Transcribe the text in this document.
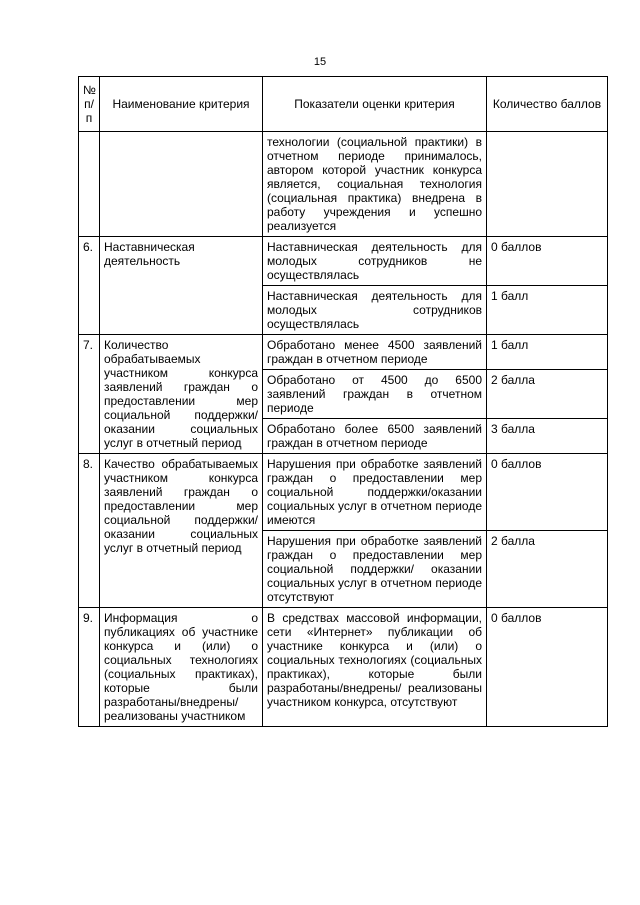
15
№ п/п	Наименование критерия	Показатели оценки критерия	Количество баллов
		технологии (социальной практики) в отчетном периоде принималось, автором которой участник конкурса является, социальная технология (социальная практика) внедрена в работу учреждения и успешно реализуется	
6.	Наставническая деятельность	Наставническая деятельность для молодых сотрудников не осуществлялась	0 баллов
		Наставническая деятельность для молодых сотрудников осуществлялась	1 балл
7.	Количество обрабатываемых участником конкурса заявлений граждан о предоставлении мер социальной поддержки/оказании социальных услуг в отчетный период	Обработано менее 4500 заявлений граждан в отчетном периоде	1 балл
		Обработано от 4500 до 6500 заявлений граждан в отчетном периоде	2 балла
		Обработано более 6500 заявлений граждан в отчетном периоде	3 балла
8.	Качество обрабатываемых участником конкурса заявлений граждан о предоставлении мер социальной поддержки/оказании социальных услуг в отчетный период	Нарушения при обработке заявлений граждан о предоставлении мер социальной поддержки/оказании социальных услуг в отчетном периоде имеются	0 баллов
		Нарушения при обработке заявлений граждан о предоставлении мер социальной поддержки/ оказании социальных услуг в отчетном периоде отсутствуют	2 балла
9.	Информация о публикациях об участнике конкурса и (или) о социальных технологиях (социальных практиках), которые были разработаны/внедрены/ реализованы участником	В средствах массовой информации, сети «Интернет» публикации об участнике конкурса и (или) о социальных технологиях (социальных практиках), которые были разработаны/внедрены/ реализованы участником конкурса, отсутствуют	0 баллов
